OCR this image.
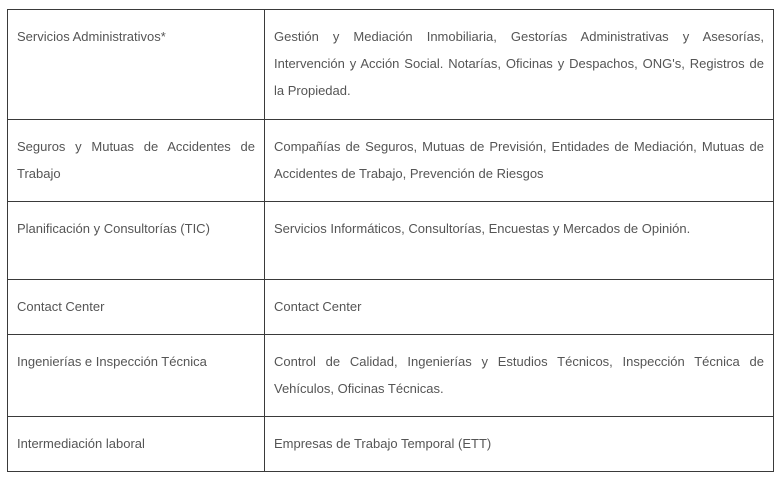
Servicios Administrativos*	Gestión y Mediación Inmobiliaria, Gestorías Administrativas y Asesorías, Intervención y Acción Social. Notarías, Oficinas y Despachos, ONG's, Registros de la Propiedad.
Seguros y Mutuas de Accidentes de Trabajo	Compañías de Seguros, Mutuas de Previsión, Entidades de Mediación, Mutuas de Accidentes de Trabajo, Prevención de Riesgos
Planificación y Consultorías (TIC)	Servicios Informáticos, Consultorías, Encuestas y Mercados de Opinión.
Contact Center	Contact Center
Ingenierías e Inspección Técnica	Control de Calidad, Ingenierías y Estudios Técnicos, Inspección Técnica de Vehículos, Oficinas Técnicas.
Intermediación laboral	Empresas de Trabajo Temporal (ETT)
